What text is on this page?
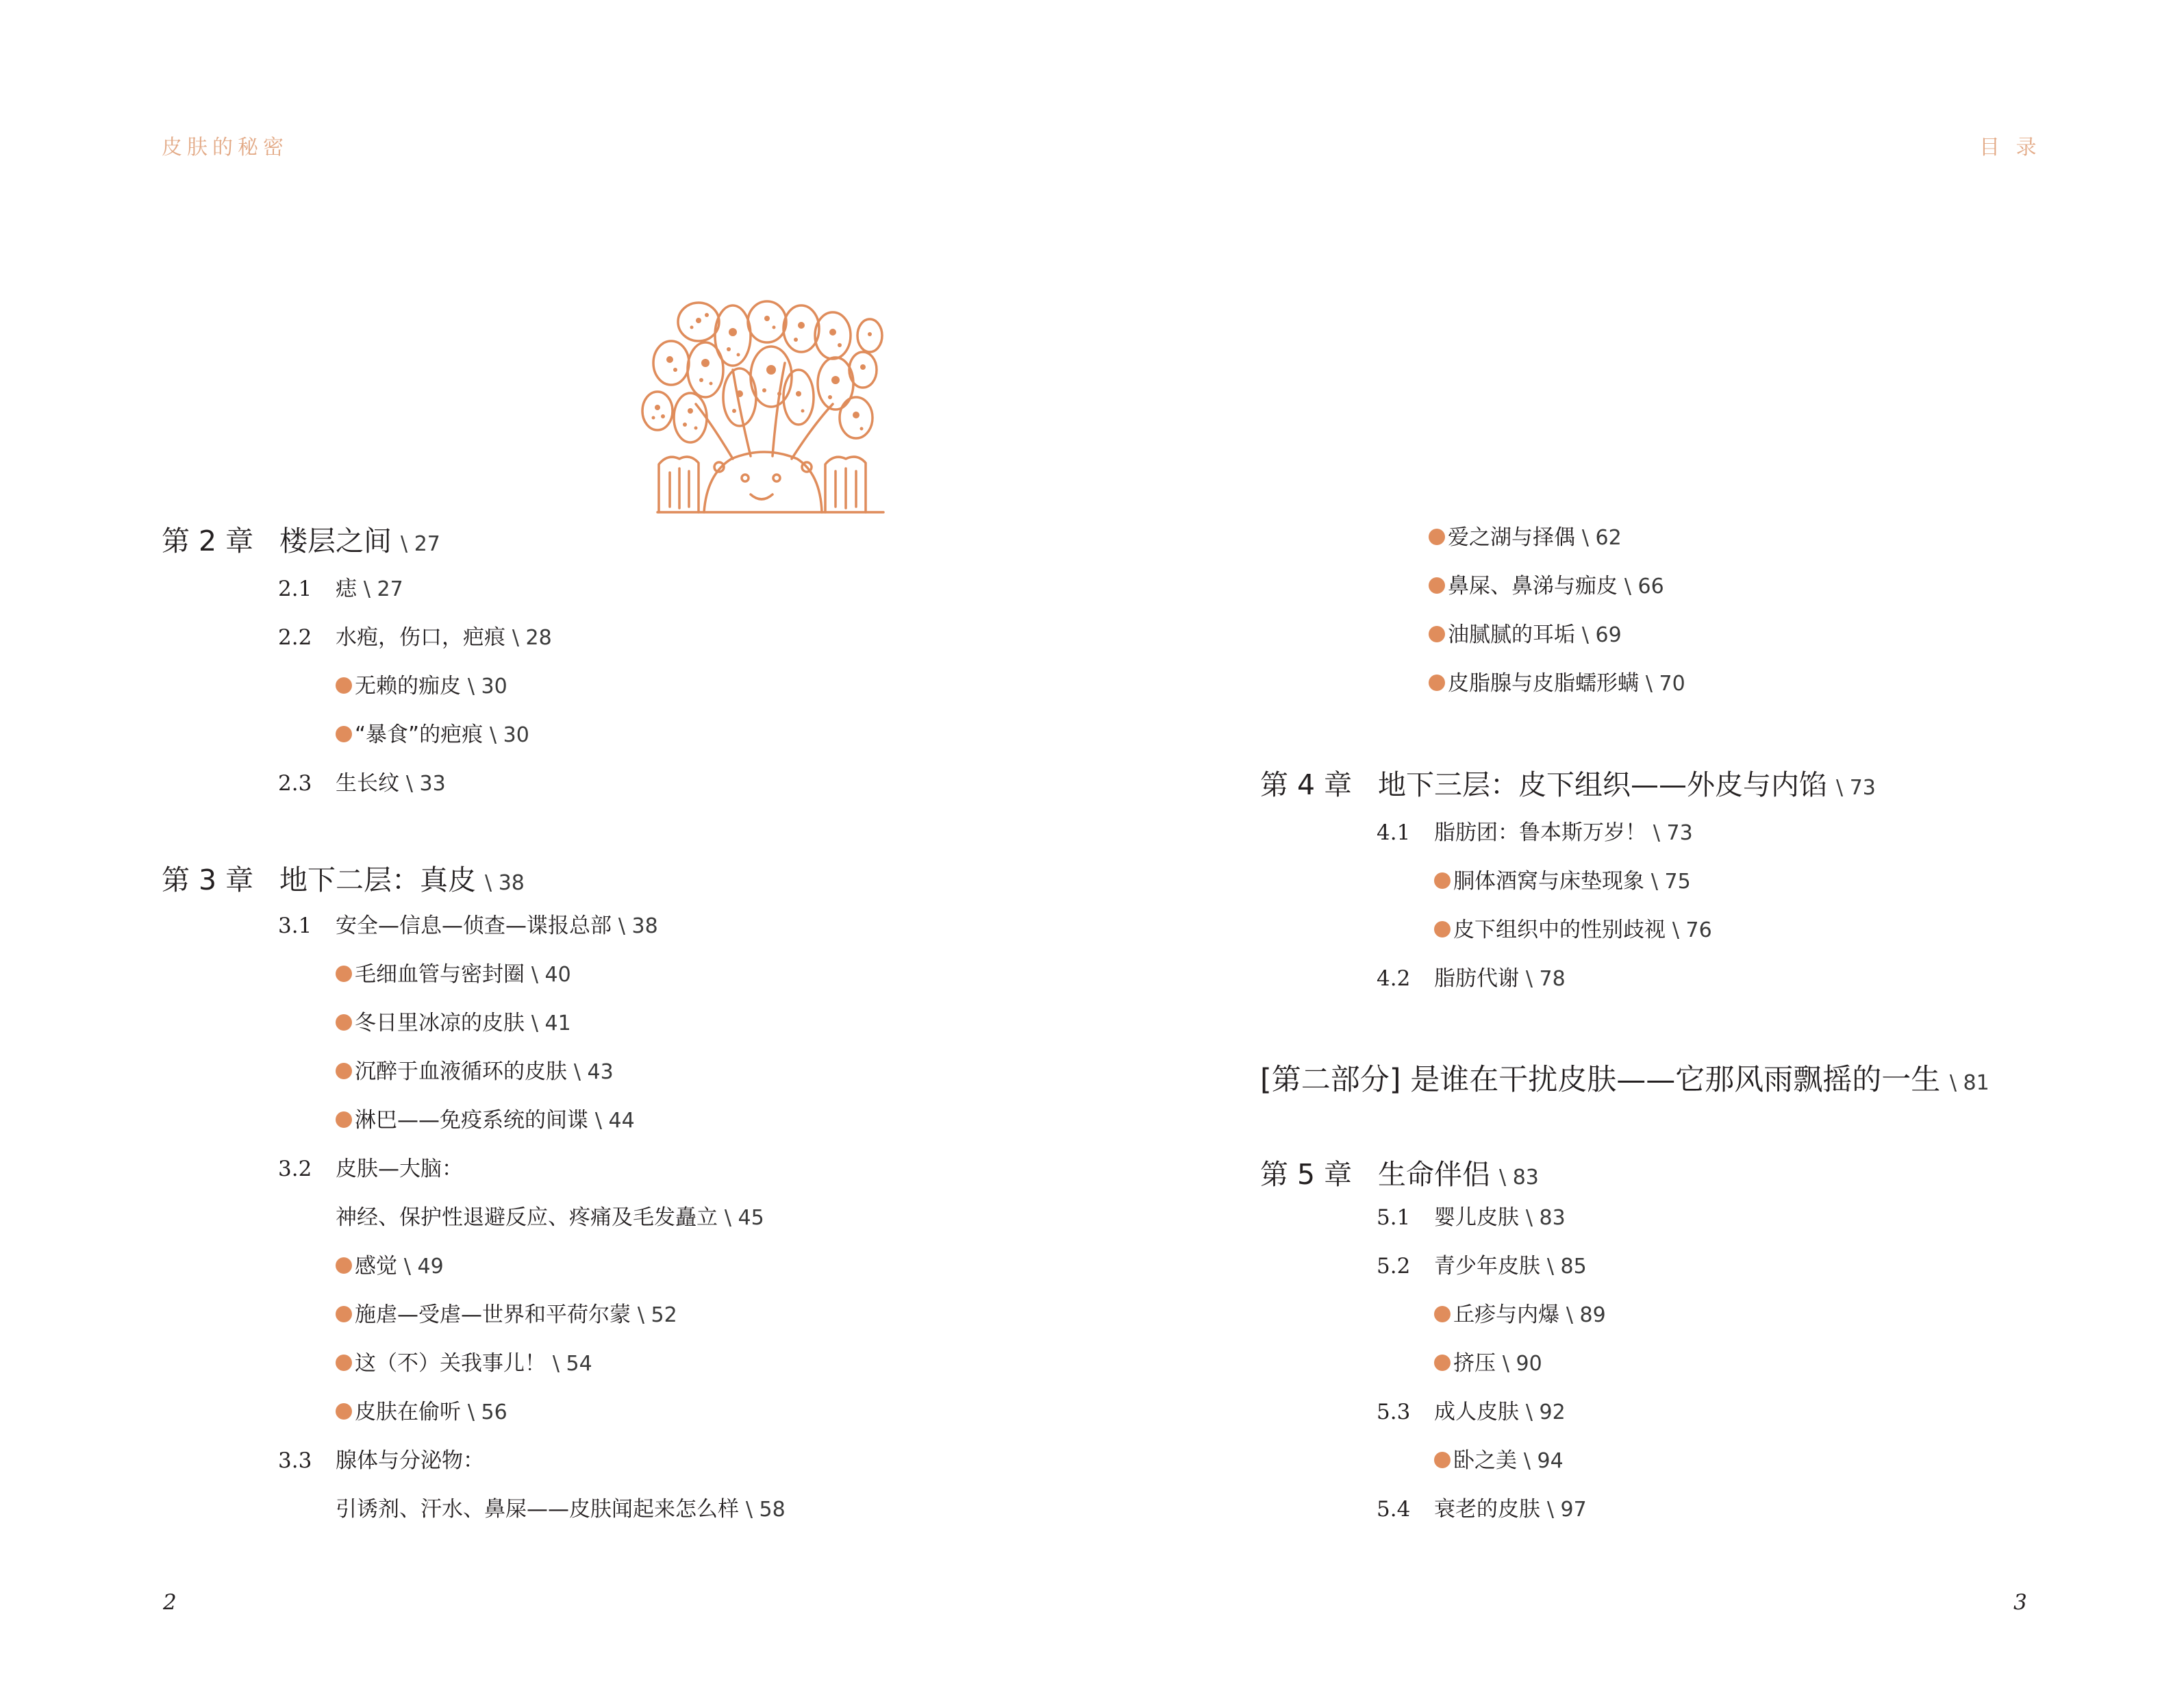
皮肤的秘密	目 录
第 2 章 楼层之间 \ 27
2.1 痣 \ 27
2.2 水疱，伤口，疤痕 \ 28
无赖的痂皮 \ 30
“暴食”的疤痕 \ 30
2.3 生长纹 \ 33
第 3 章 地下二层：真皮 \ 38
3.1 安全—信息—侦查—谍报总部 \ 38
毛细血管与密封圈 \ 40
冬日里冰凉的皮肤 \ 41
沉醉于血液循环的皮肤 \ 43
淋巴——免疫系统的间谍 \ 44
3.2 皮肤—大脑：
神经、保护性退避反应、疼痛及毛发矗立 \ 45
感觉 \ 49
施虐—受虐—世界和平荷尔蒙 \ 52
这（不）关我事儿！ \ 54
皮肤在偷听 \ 56
3.3 腺体与分泌物：
引诱剂、汗水、鼻屎——皮肤闻起来怎么样 \ 58
爱之湖与择偶 \ 62
鼻屎、鼻涕与痂皮 \ 66
油腻腻的耳垢 \ 69
皮脂腺与皮脂蠕形螨 \ 70
第 4 章 地下三层：皮下组织——外皮与内馅 \ 73
4.1 脂肪团：鲁本斯万岁！ \ 73
胴体酒窝与床垫现象 \ 75
皮下组织中的性别歧视 \ 76
4.2 脂肪代谢 \ 78
[第二部分] 是谁在干扰皮肤——它那风雨飘摇的一生 \ 81
第 5 章 生命伴侣 \ 83
5.1 婴儿皮肤 \ 83
5.2 青少年皮肤 \ 85
丘疹与内爆 \ 89
挤压 \ 90
5.3 成人皮肤 \ 92
卧之美 \ 94
5.4 衰老的皮肤 \ 97
2	3
